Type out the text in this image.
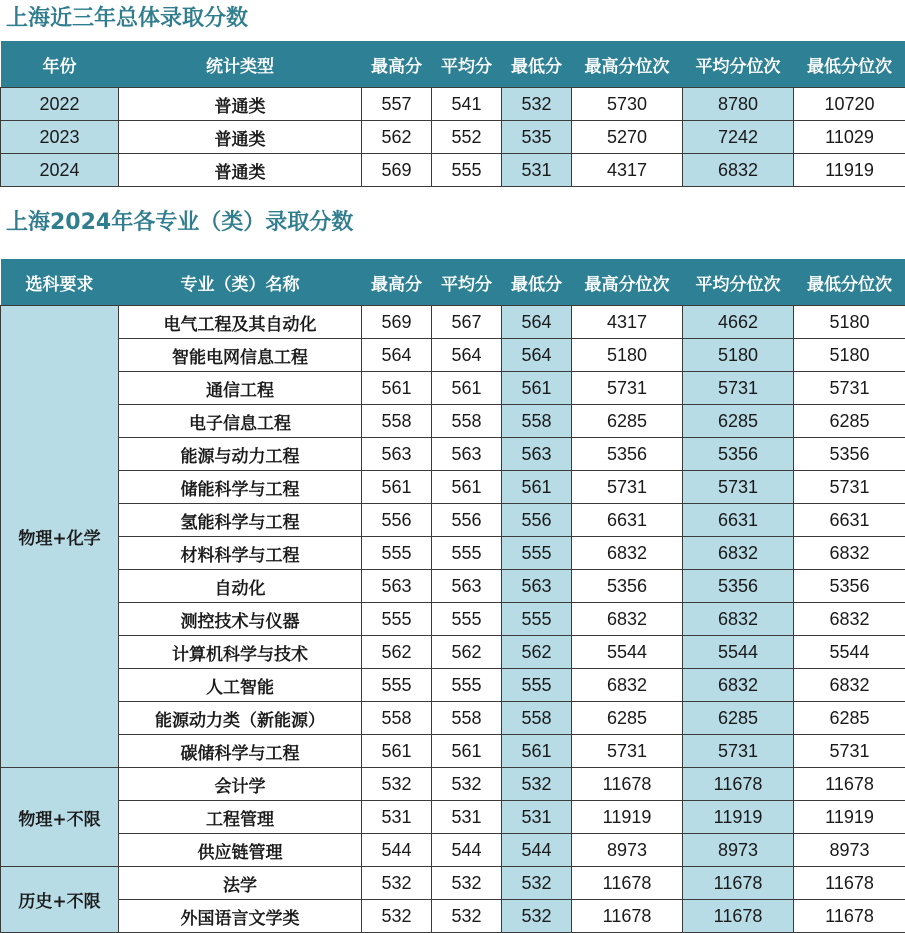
上海近三年总体录取分数
年份	统计类型	最高分	平均分	最低分	最高分位次	平均分位次	最低分位次
2022	普通类	557	541	532	5730	8780	10720
2023	普通类	562	552	535	5270	7242	11029
2024	普通类	569	555	531	4317	6832	11919
上海2024年各专业（类）录取分数
选科要求	专业（类）名称	最高分	平均分	最低分	最高分位次	平均分位次	最低分位次
物理+化学	电气工程及其自动化	569	567	564	4317	4662	5180
	智能电网信息工程	564	564	564	5180	5180	5180
	通信工程	561	561	561	5731	5731	5731
	电子信息工程	558	558	558	6285	6285	6285
	能源与动力工程	563	563	563	5356	5356	5356
	储能科学与工程	561	561	561	5731	5731	5731
	氢能科学与工程	556	556	556	6631	6631	6631
	材料科学与工程	555	555	555	6832	6832	6832
	自动化	563	563	563	5356	5356	5356
	测控技术与仪器	555	555	555	6832	6832	6832
	计算机科学与技术	562	562	562	5544	5544	5544
	人工智能	555	555	555	6832	6832	6832
	能源动力类（新能源）	558	558	558	6285	6285	6285
	碳储科学与工程	561	561	561	5731	5731	5731
物理+不限	会计学	532	532	532	11678	11678	11678
	工程管理	531	531	531	11919	11919	11919
	供应链管理	544	544	544	8973	8973	8973
历史+不限	法学	532	532	532	11678	11678	11678
	外国语言文学类	532	532	532	11678	11678	11678
